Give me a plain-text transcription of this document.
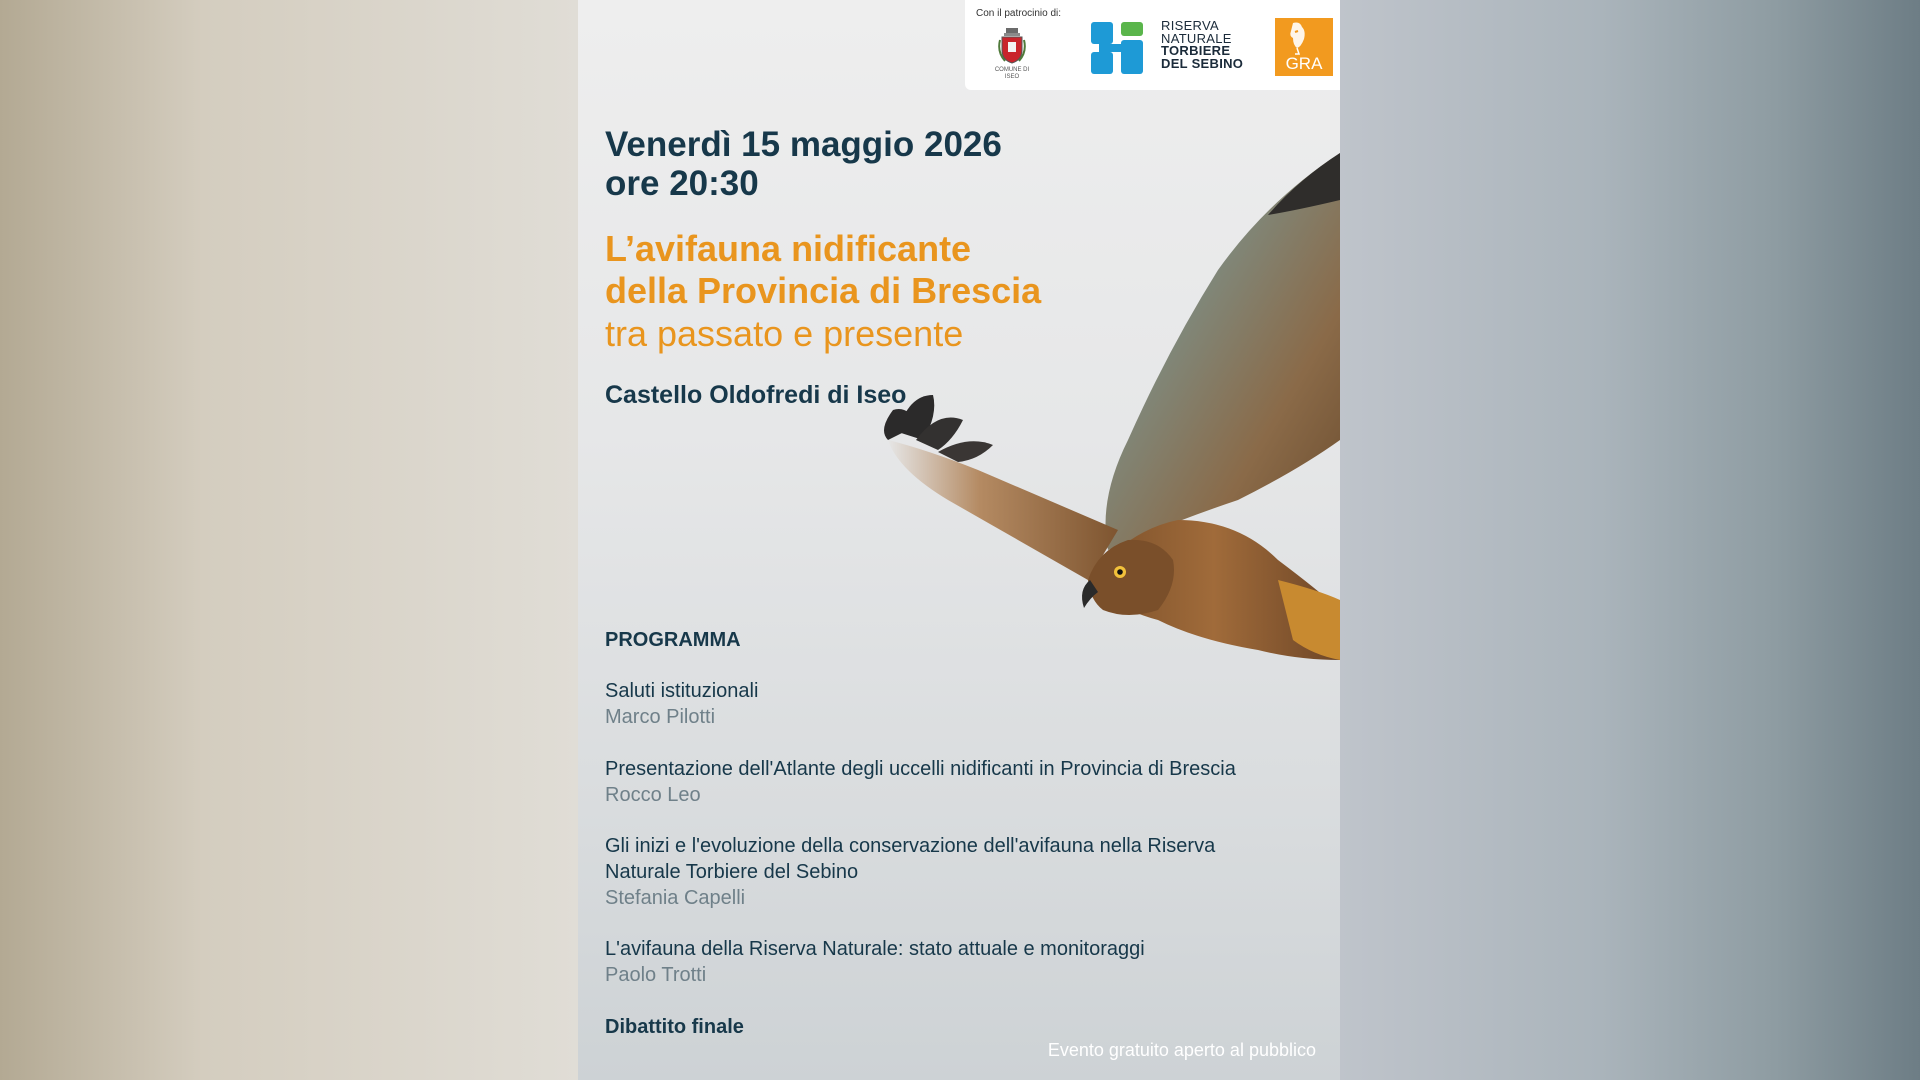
Con il patrocinio di:
COMUNE DI ISEO
RISERVA
NATURALE
TORBIERE
DEL SEBINO	GRA
Venerdì 15 maggio 2026
ore 20:30
L’avifauna nidificante
della Provincia di Brescia
tra passato e presente
Castello Oldofredi di Iseo
PROGRAMMA
Saluti istituzionali
Marco Pilotti
Presentazione dell'Atlante degli uccelli nidificanti in Provincia di Brescia
Rocco Leo
Gli inizi e l'evoluzione della conservazione dell'avifauna nella Riserva
Naturale Torbiere del Sebino
Stefania Capelli
L'avifauna della Riserva Naturale: stato attuale e monitoraggi
Paolo Trotti
Dibattito finale
Evento gratuito aperto al pubblico
